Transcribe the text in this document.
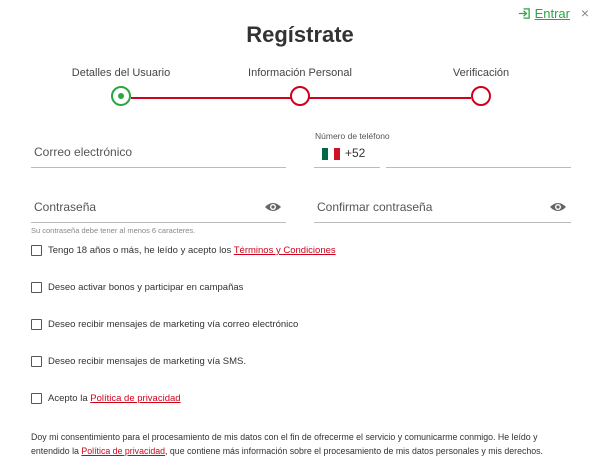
Entrar ×
Regístrate
Detalles del Usuario	Información Personal	Verificación
Correo electrónico
Número de teléfono
+52
Contraseña
Su contraseña debe tener al menos 6 caracteres.
Confirmar contraseña
Tengo 18 años o más, he leído y acepto los Términos y Condiciones
Deseo activar bonos y participar en campañas
Deseo recibir mensajes de marketing vía correo electrónico
Deseo recibir mensajes de marketing vía SMS.
Acepto la Política de privacidad
Doy mi consentimiento para el procesamiento de mis datos con el fin de ofrecerme el servicio y comunicarme conmigo. He leído y entendido la Política de privacidad, que contiene más información sobre el procesamiento de mis datos personales y mis derechos.
